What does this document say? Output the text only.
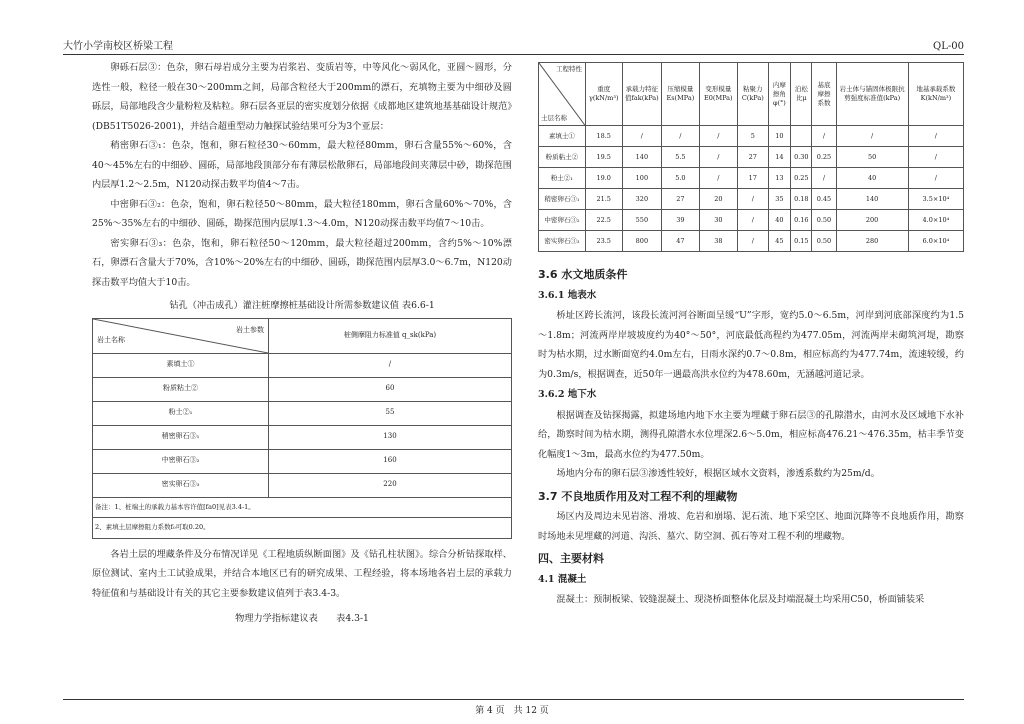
大竹小学南校区桥梁工程	QL-00

卵砾石层③：色杂，卵石母岩成分主要为岩浆岩、变质岩等，中等风化～弱风化，亚圆～圆形，分选性一般，粒径一般在30～200mm之间，局部含粒径大于200mm的漂石，充填物主要为中细砂及圆砾层，局部地段含少量粉粒及粘粒。卵石层各亚层的密实度划分依据《成都地区建筑地基基础设计规范》(DB51T5026-2001)，并结合超重型动力触探试验结果可分为3个亚层：

稍密卵石③₁：色杂，饱和，卵石粒径30～60mm，最大粒径80mm，卵石含量55%～60%，含40～45%左右的中细砂、圆砾，局部地段顶部分布有薄层松散卵石，局部地段间夹薄层中砂，勘探范围内层厚1.2～2.5m，N120动探击数平均值4～7击。

中密卵石③₂：色杂，饱和，卵石粒径50～80mm，最大粒径180mm，卵石含量60%～70%，含25%～35%左右的中细砂、圆砾，勘探范围内层厚1.3～4.0m，N120动探击数平均值7～10击。

密实卵石③₃：色杂，饱和，卵石粒径50～120mm，最大粒径超过200mm，含约5%～10%漂石，卵漂石含量大于70%，含10%～20%左右的中细砂、圆砾，勘探范围内层厚3.0～6.7m，N120动探击数平均值大于10击。

钻孔（冲击成孔）灌注桩摩擦桩基础设计所需参数建议值 表6.6-1

岩土参数
岩土名称	桩侧摩阻力标准值 q_sk(kPa)
素填土①	/
粉质粘土②	60
粉土②₁	55
稍密卵石③₁	130
中密卵石③₂	160
密实卵石③₃	220
备注：1、桩端土的承载力基本容许值[fa0]见表3.4-1。	
2、素填土层摩擦阻力系数f₀可取0.20。	

各岩土层的埋藏条件及分布情况详见《工程地质纵断面图》及《钻孔柱状图》。综合分析钻探取样、原位测试、室内土工试验成果，并结合本地区已有的研究成果、工程经验，将本场地各岩土层的承载力特征值和与基础设计有关的其它主要参数建议值列于表3.4-3。

物理力学指标建议表　　表4.3-1

工程特性
土层名称	重度γ(kN/m³)	承载力特征值fak(kPa)	压缩模量Es(MPa)	变形模量E0(MPa)	粘聚力C(kPa)	内摩擦角φ(°)	泊松比μ	基底摩擦系数	岩土体与锚固体极限抗剪强度标准值(kPa)	地基承载系数K(kN/m³)
素填土①	18.5	/	/	/	5	10		/	/	/
粉质粘土②	19.5	140	5.5	/	27	14	0.30	0.25	50	/
粉土②₁	19.0	100	5.0	/	17	13	0.25	/	40	/
稍密卵石③₁	21.5	320	27	20	/	35	0.18	0.45	140	3.5×10⁴
中密卵石③₂	22.5	550	39	30	/	40	0.16	0.50	200	4.0×10⁴
密实卵石③₃	23.5	800	47	38	/	45	0.15	0.50	280	6.0×10⁴
3.6 水文地质条件
3.6.1 地表水

桥址区跨长流河，该段长流河河谷断面呈缓“U”字形，宽约5.0～6.5m，河岸到河底部深度约为1.5～1.8m；河流两岸岸坡坡度约为40°～50°，河底最低高程约为477.05m，河流两岸未砌筑河堤，勘察时为枯水期，过水断面宽约4.0m左右，日雨水深约0.7～0.8m，相应标高约为477.74m，流速较缓，约为0.3m/s，根据调查，近50年一遇最高洪水位约为478.60m，无涵越河道记录。

3.6.2 地下水

根据调查及钻探揭露，拟建场地内地下水主要为埋藏于卵石层③的孔隙潜水，由河水及区域地下水补给，勘察时间为枯水期，测得孔隙潜水水位埋深2.6～5.0m，相应标高476.21～476.35m，枯丰季节变化幅度1～3m，最高水位约为477.50m。

场地内分布的卵石层③渗透性较好，根据区域水文资料，渗透系数约为25m/d。

3.7 不良地质作用及对工程不利的埋藏物

场区内及周边未见岩溶、滑坡、危岩和崩塌、泥石流、地下采空区、地面沉降等不良地质作用，勘察时场地未见埋藏的河道、沟浜、墓穴、防空洞、孤石等对工程不利的埋藏物。

四、主要材料
4.1 混凝土

混凝土：预制板梁、铰缝混凝土、现浇桥面整体化层及封端混凝土均采用C50，桥面铺装采

第 4 页　共 12 页
